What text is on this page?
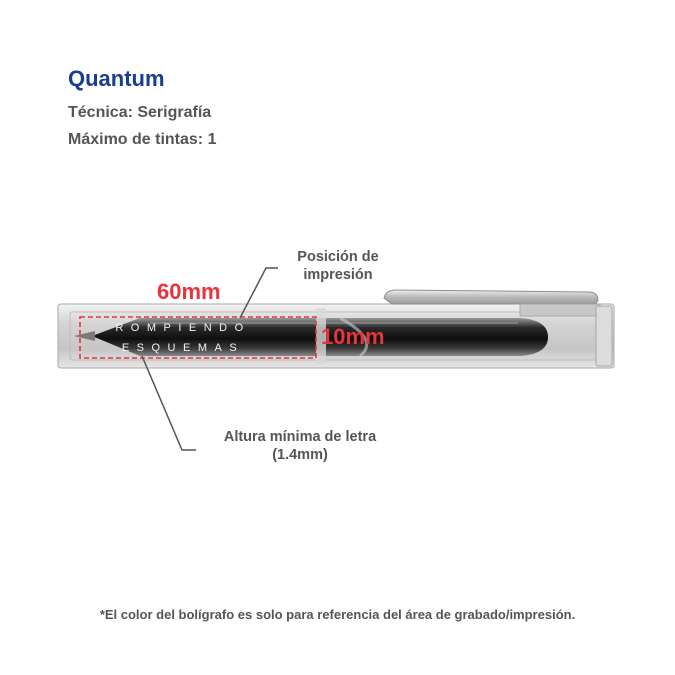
Quantum
Técnica: Serigrafía
Máximo de tintas: 1
Posición de
impresión
60mm
10mm
ROMPIENDO
ESQUEMAS
Altura mínima de letra
(1.4mm)
*El color del bolígrafo es solo para referencia del área de grabado/impresión.
